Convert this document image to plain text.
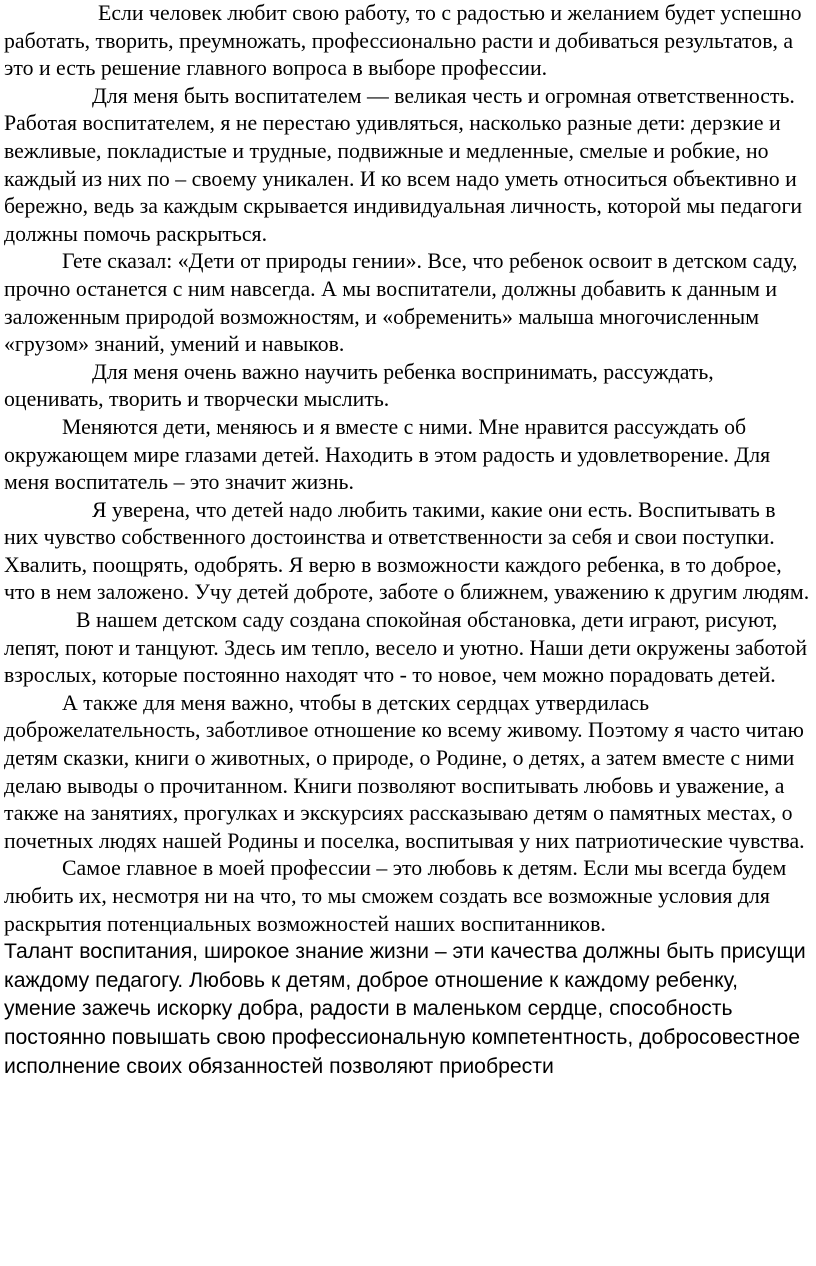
Если человек любит свою работу, то с радостью и желанием будет успешно работать, творить, преумножать, профессионально расти и добиваться результатов, а это и есть решение главного вопроса в выборе профессии.

Для меня быть воспитателем — великая честь и огромная ответственность. Работая воспитателем, я не перестаю удивляться, насколько разные дети: дерзкие и вежливые, покладистые и трудные, подвижные и медленные, смелые и робкие, но каждый из них по – своему уникален. И ко всем надо уметь относиться объективно и бережно, ведь за каждым скрывается индивидуальная личность, которой мы педагоги должны помочь раскрыться.

Гете сказал: «Дети от природы гении». Все, что ребенок освоит в детском саду, прочно останется с ним навсегда. А мы воспитатели, должны добавить к данным и заложенным природой возможностям, и «обременить» малыша многочисленным «грузом» знаний, умений и навыков.

Для меня очень важно научить ребенка воспринимать, рассуждать, оценивать, творить и творчески мыслить.

Меняются дети, меняюсь и я вместе с ними. Мне нравится рассуждать об окружающем мире глазами детей. Находить в этом радость и удовлетворение. Для меня воспитатель – это значит жизнь.

Я уверена, что детей надо любить такими, какие они есть. Воспитывать в них чувство собственного достоинства и ответственности за себя и свои поступки. Хвалить, поощрять, одобрять. Я верю в возможности каждого ребенка, в то доброе, что в нем заложено. Учу детей доброте, заботе о ближнем, уважению к другим людям.

В нашем детском саду создана спокойная обстановка, дети играют, рисуют, лепят, поют и танцуют. Здесь им тепло, весело и уютно. Наши дети окружены заботой взрослых, которые постоянно находят что - то новое, чем можно порадовать детей.

А также для меня важно, чтобы в детских сердцах утвердилась доброжелательность, заботливое отношение ко всему живому. Поэтому я часто читаю детям сказки, книги о животных, о природе, о Родине, о детях, а затем вместе с ними делаю выводы о прочитанном. Книги позволяют воспитывать любовь и уважение, а также на занятиях, прогулках и экскурсиях рассказываю детям о памятных местах, о почетных людях нашей Родины и поселка, воспитывая у них патриотические чувства.

Самое главное в моей профессии – это любовь к детям. Если мы всегда будем любить их, несмотря ни на что, то мы сможем создать все возможные условия для раскрытия потенциальных возможностей наших воспитанников.

Талант воспитания, широкое знание жизни – эти качества должны быть присущи каждому педагогу. Любовь к детям, доброе отношение к каждому ребенку, умение зажечь искорку добра, радости в маленьком сердце, способность постоянно повышать свою профессиональную компетентность, добросовестное исполнение своих обязанностей позволяют приобрести
